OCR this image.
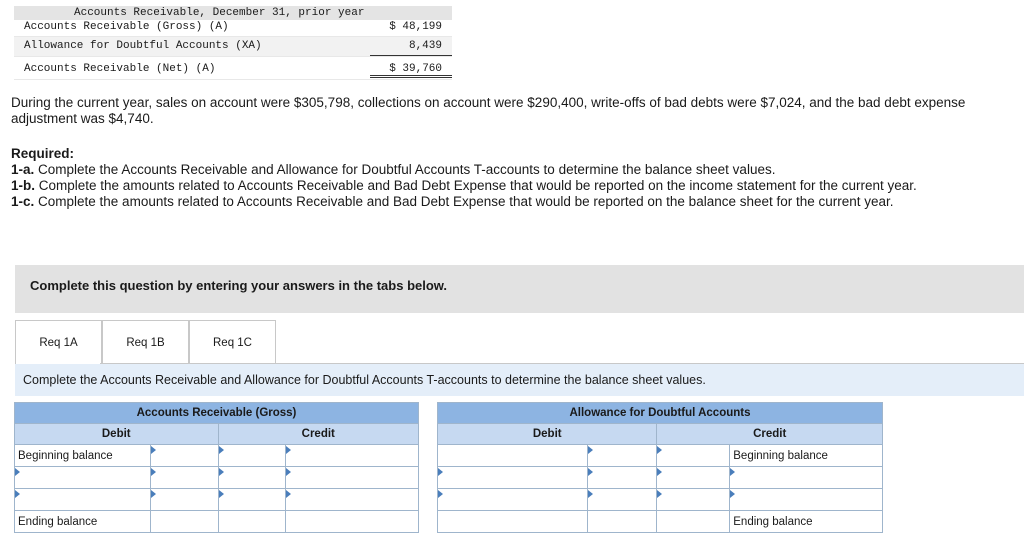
Accounts Receivable, December 31, prior year
Accounts Receivable (Gross) (A)	$ 48,199
Allowance for Doubtful Accounts (XA)	8,439
Accounts Receivable (Net) (A)	$ 39,760
During the current year, sales on account were $305,798, collections on account were $290,400, write-offs of bad debts were $7,024, and the bad debt expense adjustment was $4,740.
Required:
1-a. Complete the Accounts Receivable and Allowance for Doubtful Accounts T-accounts to determine the balance sheet values.
1-b. Complete the amounts related to Accounts Receivable and Bad Debt Expense that would be reported on the income statement for the current year.
1-c. Complete the amounts related to Accounts Receivable and Bad Debt Expense that would be reported on the balance sheet for the current year.
Complete this question by entering your answers in the tabs below.
Req 1A	Req 1B	Req 1C
Complete the Accounts Receivable and Allowance for Doubtful Accounts T-accounts to determine the balance sheet values.
Accounts Receivable (Gross)			
Debit		Credit	
Beginning balance			

Ending balance			
Allowance for Doubtful Accounts			
Debit		Credit	
			Beginning balance

			Ending balance
